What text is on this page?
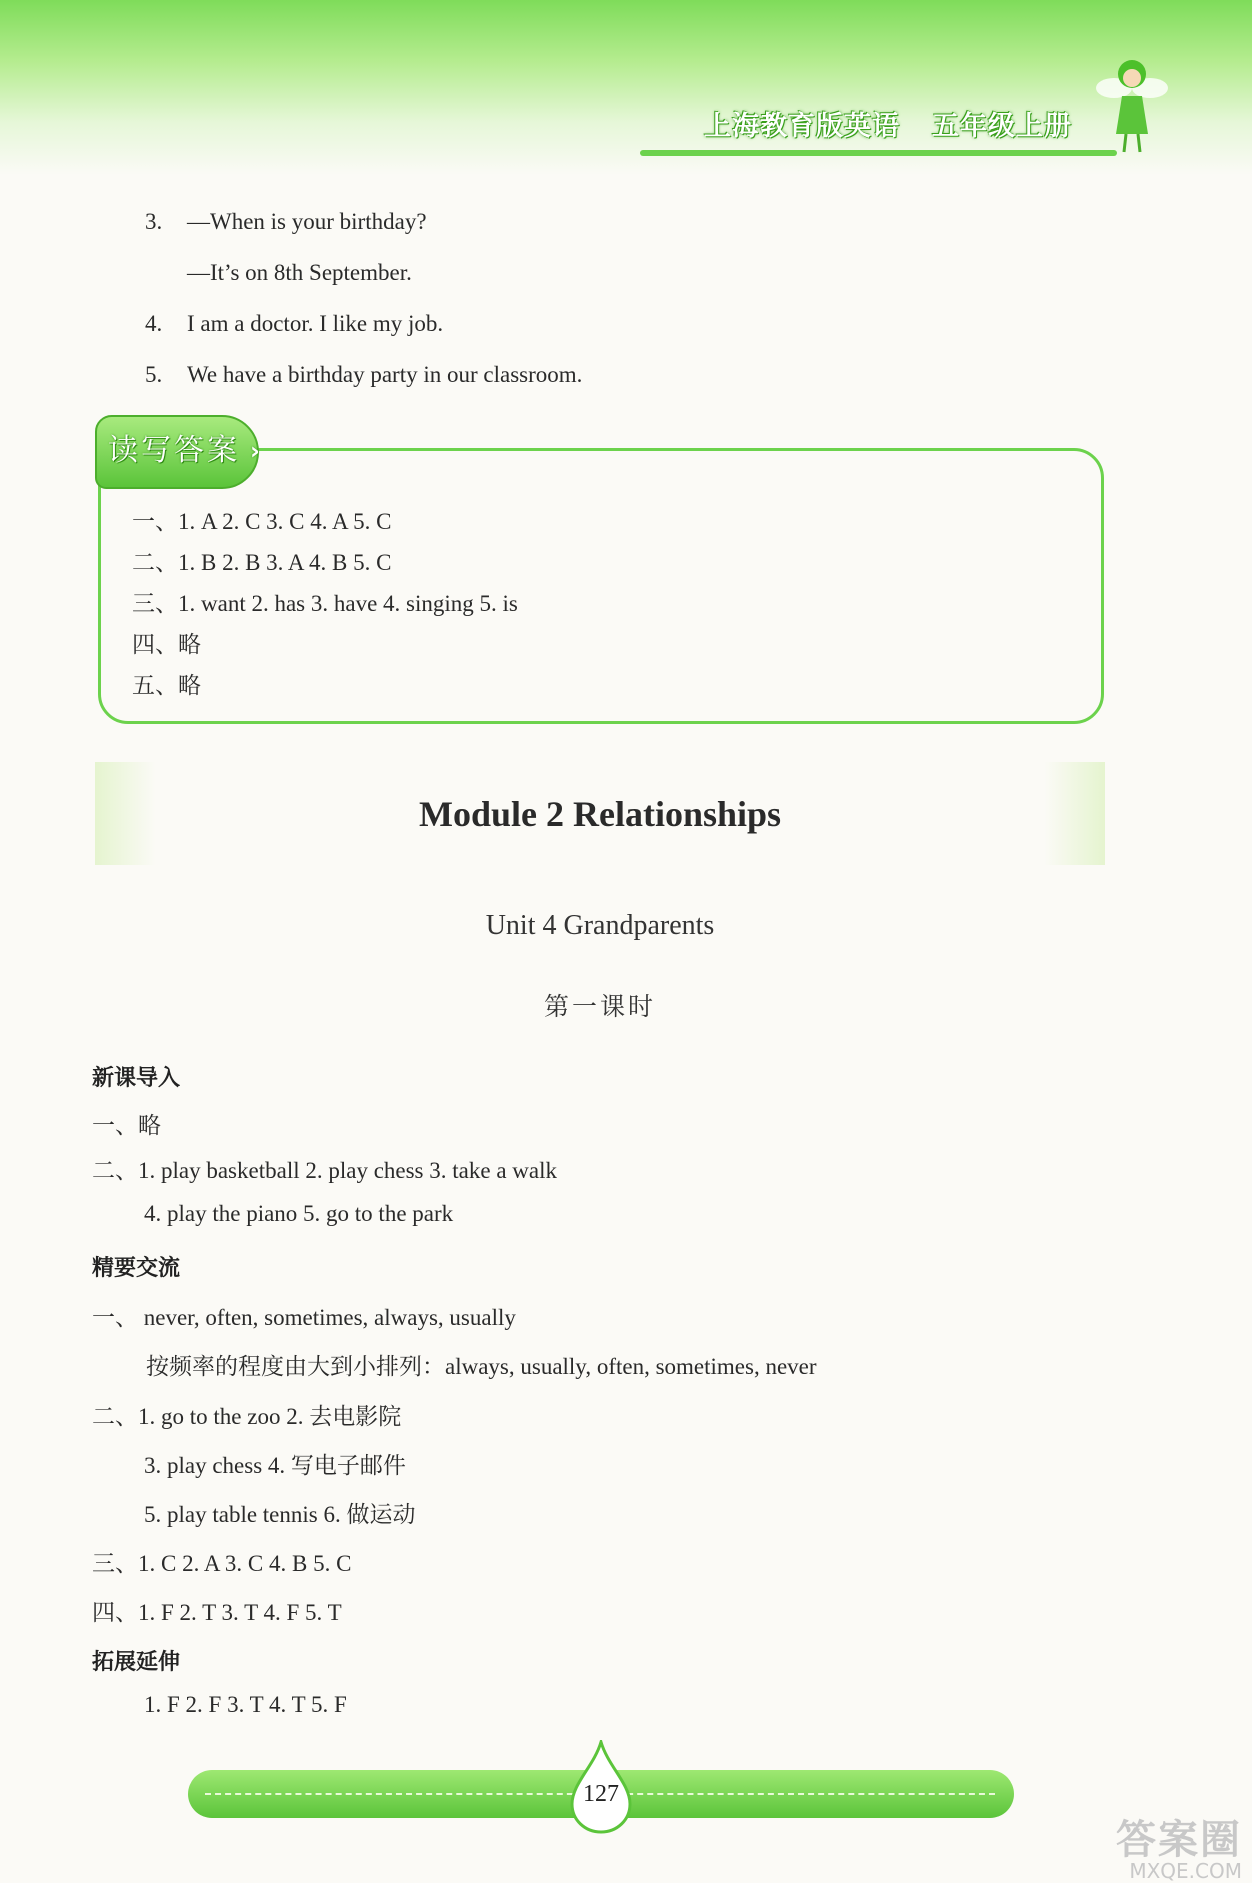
上海教育版英语 五年级上册
3. —When is your birthday?
—It’s on 8th September.
4. I am a doctor. I like my job.
5. We have a birthday party in our classroom.
读写答案 ›
一、1. A 2. C 3. C 4. A 5. C
二、1. B 2. B 3. A 4. B 5. C
三、1. want 2. has 3. have 4. singing 5. is
四、略
五、略
Module 2 Relationships
Unit 4 Grandparents
第一课时
新课导入
一、略
二、1. play basketball 2. play chess 3. take a walk
4. play the piano 5. go to the park
精要交流
一、 never, often, sometimes, always, usually
按频率的程度由大到小排列：always, usually, often, sometimes, never
二、1. go to the zoo 2. 去电影院
3. play chess 4. 写电子邮件
5. play table tennis 6. 做运动
三、1. C 2. A 3. C 4. B 5. C
四、1. F 2. T 3. T 4. F 5. T
拓展延伸
1. F 2. F 3. T 4. T 5. F
127
答案圈
MXQE.COM
